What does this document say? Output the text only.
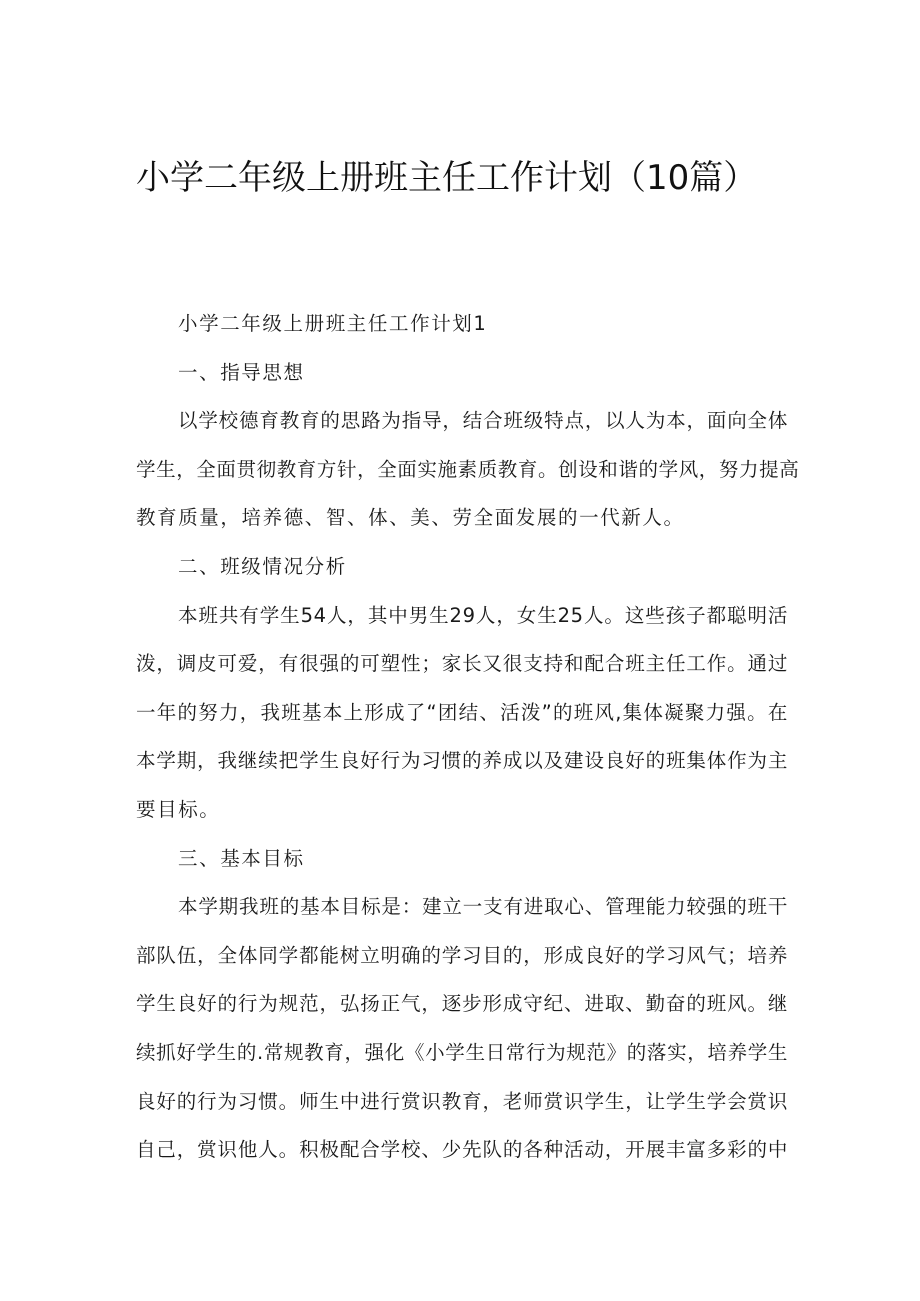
小学二年级上册班主任工作计划（10篇）
小学二年级上册班主任工作计划1
一、指导思想
以学校德育教育的思路为指导，结合班级特点，以人为本，面向全体
学生，全面贯彻教育方针，全面实施素质教育。创设和谐的学风，努力提高
教育质量，培养德、智、体、美、劳全面发展的一代新人。
二、班级情况分析
本班共有学生54人，其中男生29人，女生25人。这些孩子都聪明活
泼，调皮可爱，有很强的可塑性；家长又很支持和配合班主任工作。通过
一年的努力，我班基本上形成了“团结、活泼”的班风,集体凝聚力强。在
本学期，我继续把学生良好行为习惯的养成以及建设良好的班集体作为主
要目标。
三、基本目标
本学期我班的基本目标是：建立一支有进取心、管理能力较强的班干
部队伍，全体同学都能树立明确的学习目的，形成良好的学习风气；培养
学生良好的行为规范，弘扬正气，逐步形成守纪、进取、勤奋的班风。继
续抓好学生的.常规教育，强化《小学生日常行为规范》的落实，培养学生
良好的行为习惯。师生中进行赏识教育，老师赏识学生，让学生学会赏识
自己，赏识他人。积极配合学校、少先队的各种活动，开展丰富多彩的中
